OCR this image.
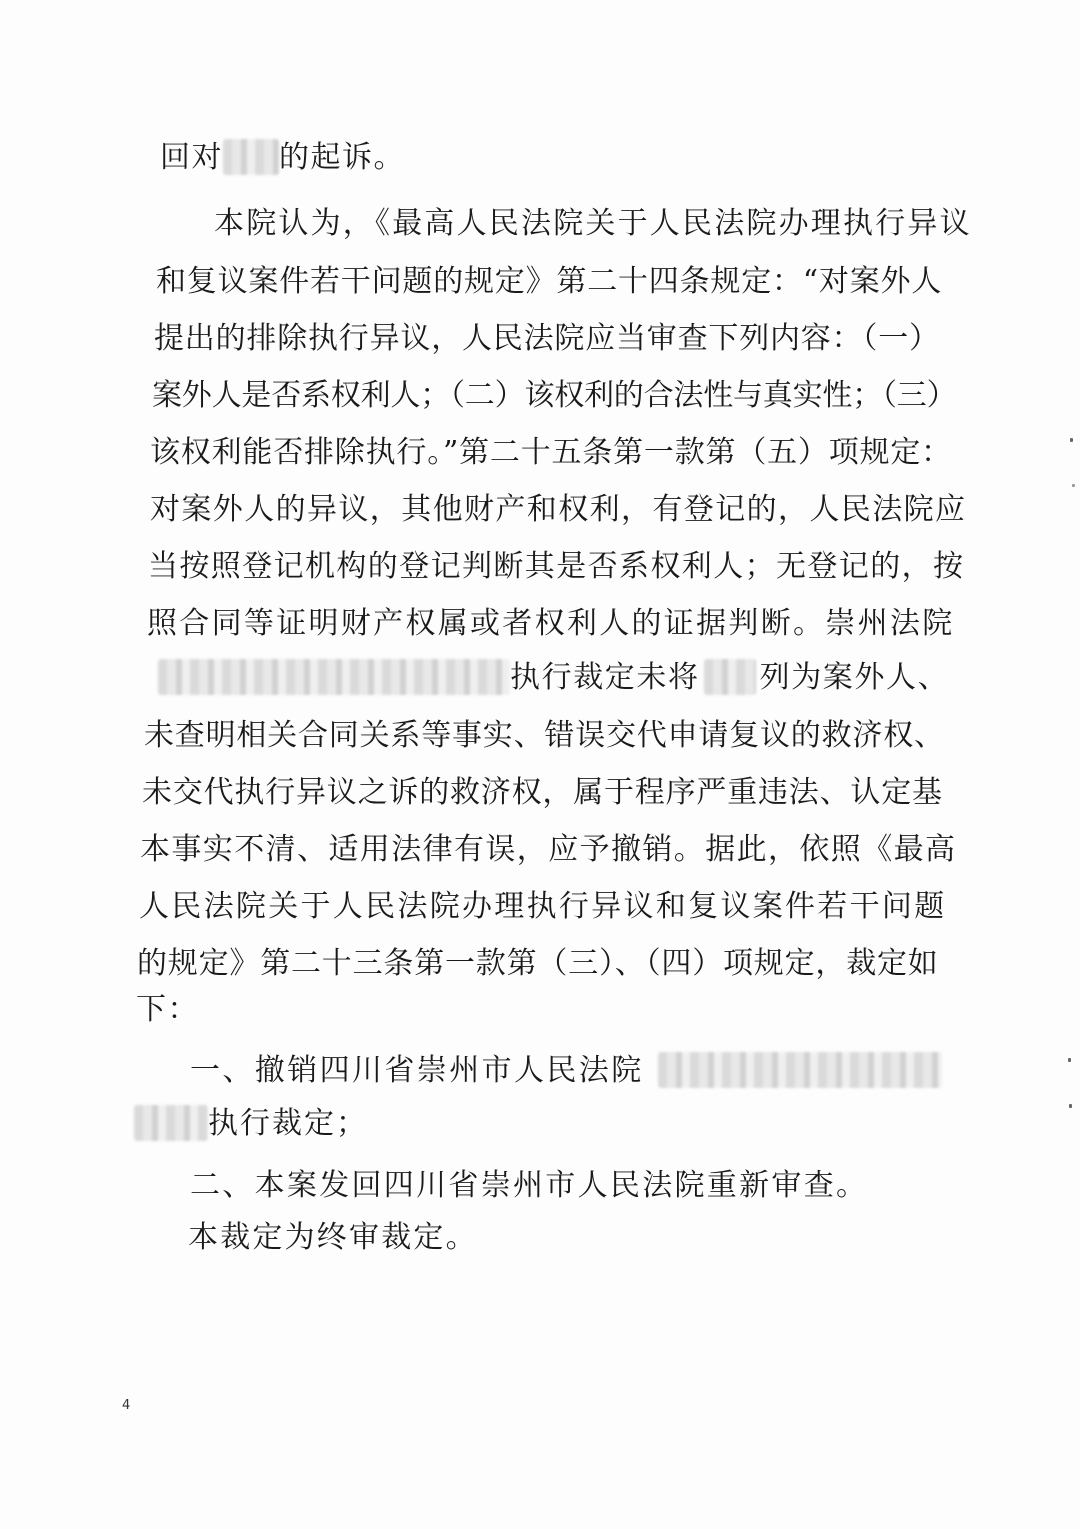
回对 的起诉。
本院认为，《最高人民法院关于人民法院办理执行异议
和复议案件若干问题的规定》第二十四条规定：“对案外人
提出的排除执行异议，人民法院应当审查下列内容：（一）
案外人是否系权利人；（二）该权利的合法性与真实性；（三）
该权利能否排除执行。”第二十五条第一款第（五）项规定：
对案外人的异议，其他财产和权利，有登记的，人民法院应
当按照登记机构的登记判断其是否系权利人；无登记的，按
照合同等证明财产权属或者权利人的证据判断。崇州法院
执行裁定未将 列为案外人、
未查明相关合同关系等事实、错误交代申请复议的救济权、
未交代执行异议之诉的救济权，属于程序严重违法、认定基
本事实不清、适用法律有误，应予撤销。据此，依照《最高
人民法院关于人民法院办理执行异议和复议案件若干问题
的规定》第二十三条第一款第（三）、（四）项规定，裁定如
下：
一、撤销四川省崇州市人民法院
执行裁定；
二、本案发回四川省崇州市人民法院重新审查。
本裁定为终审裁定。
4
